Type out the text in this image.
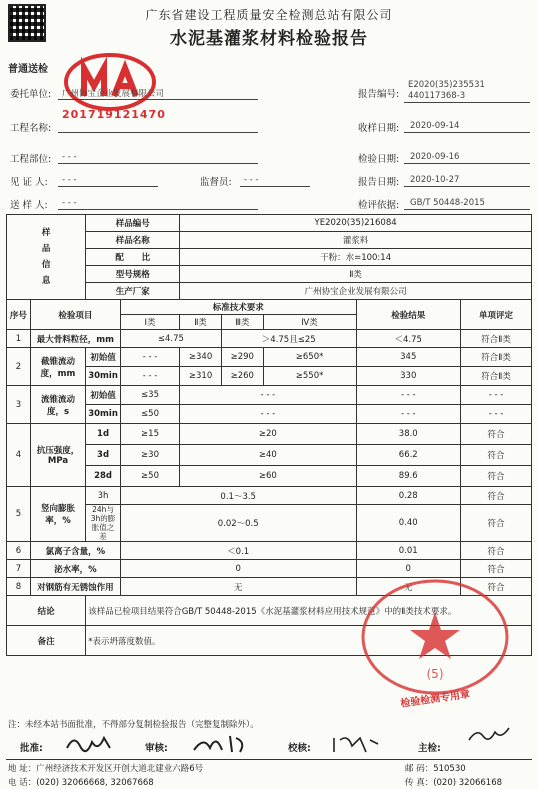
广东省建设工程质量安全检测总站有限公司
水泥基灌浆材料检验报告
普通送检
201719121470
委托单位: 广州协宝企业发展有限公司
工程名称:
工程部位: - - -
见 证 人: - - -	监督员: - - -
送 样 人: - - -
报告编号:
E2020(35)235531
440117368-3
收样日期: 2020-09-14
检验日期: 2020-09-16
报告日期: 2020-10-27
检评依据: GB/T 50448-2015
样
品
信
息		样品编号		YE2020(35)216084				
		样品名称		灌浆料				
		配      比		干粉：水=100:14				
		型号规格		Ⅱ类				
		生产厂家		广州协宝企业发展有限公司				
序号	检验项目		标准技术要求				检验结果	单项评定
			Ⅰ类	Ⅱ类	Ⅲ类	Ⅳ类		
1	最大骨料粒径，mm		≤4.75		＞4.75且≤25		＜4.75	符合Ⅱ类
2	截锥流动度，mm	初始值	- - -	≥340	≥290	≥650*	345	符合Ⅱ类
		30min	- - -	≥310	≥260	≥550*	330	符合Ⅱ类
3	流锥流动度，s	初始值	≤35	- - -			- - -	- - -
		30min	≤50	- - -			- - -	- - -
4	抗压强度，MPa	1d	≥15	≥20			38.0	符合
		3d	≥30	≥40			66.2	符合
		28d	≥50	≥60			89.6	符合
5	竖向膨胀率，%	3h	0.1～3.5				0.28	符合
		24h与3h的膨胀值之差	0.02～0.5				0.40	符合
6	氯离子含量，%		＜0.1				0.01	符合
7	泌水率，%		0				0	符合
8	对钢筋有无锈蚀作用		无				无	符合
结论		该样品已检项目结果符合GB/T 50448-2015《水泥基灌浆材料应用技术规范》中的Ⅱ类技术要求。						
备注		*表示坍落度数值。						
(5)
检验检测专用章
注：未经本站书面批准，不得部分复制检验报告（完整复制除外）。
批准:	审核:	校核:	主检:
地 址：广州经济技术开发区开创大道北建业六路6号
电 话：(020) 32066668, 32067668
邮 码：510530
传 真：(020) 32066168
